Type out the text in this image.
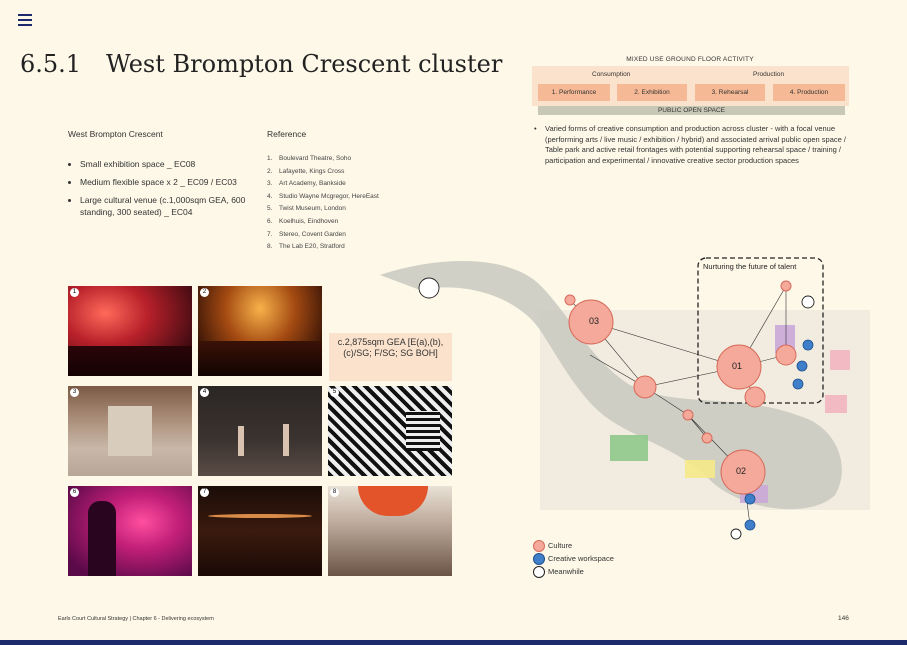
6.5.1 West Brompton Crescent cluster
West Brompton Crescent
• Small exhibition space _ EC08
• Medium flexible space x 2 _ EC09 / EC03
• Large cultural venue (c.1,000sqm GEA, 600 standing, 300 seated) _ EC04
Reference
1. Boulevard Theatre, Soho
2. Lafayette, Kings Cross
3. Art Academy, Bankside
4. Studio Wayne Mcgregor, HereEast
5. Twist Museum, London
6. Koelhuis, Eindhoven
7. Stereo, Covent Garden
8. The Lab E20, Stratford
1	2
3	4	5
6	7	8
c.2,875sqm GEA [E(a),(b),(c)/SG; F/SG; SG BOH]
MIXED USE GROUND FLOOR ACTIVITY
Consumption	Production
1. Performance	2. Exhibition	3. Rehearsal	4. Production
PUBLIC OPEN SPACE
•	Varied forms of creative consumption and production across cluster - with a focal venue (performing arts / live music / exhibition / hybrid) and associated arrival public open space / Table park and active retail frontages with potential supporting rehearsal space / training / participation and experimental / innovative creative sector production spaces
03
01
02
Nurturing the future of talent
Culture
Creative workspace
Meanwhile
Earls Court Cultural Strategy | Chapter 6 - Delivering ecosystem	146
